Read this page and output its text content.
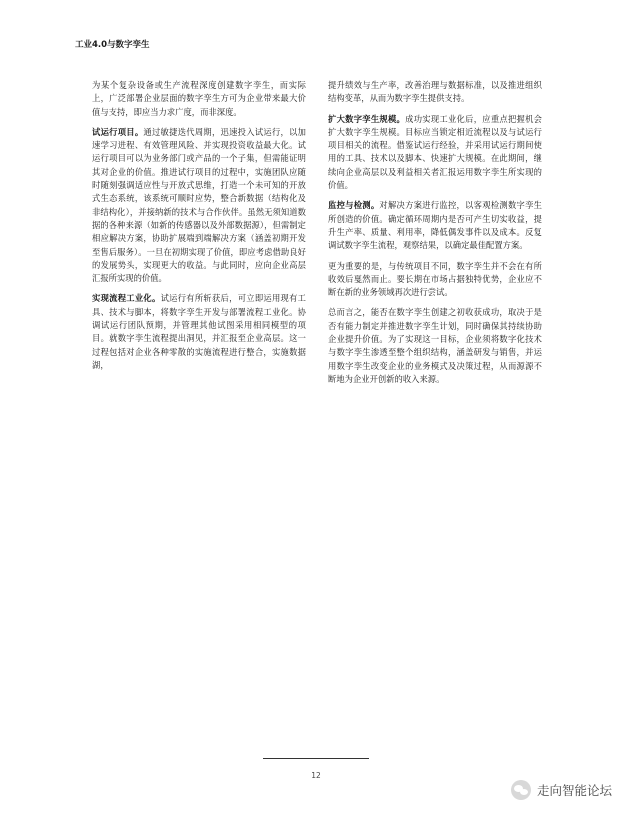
工业4.0与数字孪生

为某个复杂设备或生产流程深度创建数字孪生，而实际上，广泛部署企业层面的数字孪生方可为企业带来最大价值与支持，即应当力求广度，而非深度。

试运行项目。通过敏捷迭代周期，迅速投入试运行，以加速学习进程、有效管理风险、并实现投资收益最大化。试运行项目可以为业务部门或产品的一个子集，但需能证明其对企业的价值。推进试行项目的过程中，实施团队应随时随刻强调适应性与开放式思维，打造一个未可知的开放式生态系统，该系统可顺时应势，整合新数据（结构化及非结构化），并接纳新的技术与合作伙伴。虽然无须知道数据的各种来源（如新的传感器以及外部数据源），但需制定相应解决方案，协助扩展端到端解决方案（涵盖初期开发至售后服务）。一旦在初期实现了价值，即应考虑借助良好的发展势头，实现更大的收益。与此同时，应向企业高层汇报所实现的价值。

实现流程工业化。试运行有所斩获后，可立即运用现有工具、技术与脚本，将数字孪生开发与部署流程工业化。协调试运行团队预期，并管理其他试图采用相同模型的项目。就数字孪生流程提出洞见，并汇报至企业高层。这一过程包括对企业各种零散的实施流程进行整合，实施数据湖，

提升绩效与生产率，改善治理与数据标准，以及推进组织结构变革，从而为数字孪生提供支持。

扩大数字孪生规模。成功实现工业化后，应重点把握机会扩大数字孪生规模。目标应当锁定相近流程以及与试运行项目相关的流程。借鉴试运行经验，并采用试运行期间使用的工具、技术以及脚本、快速扩大规模。在此期间，继续向企业高层以及利益相关者汇报运用数字孪生所实现的价值。

监控与检测。对解决方案进行监控，以客观检测数字孪生所创造的价值。确定循环周期内是否可产生切实收益，提升生产率、质量、利用率，降低偶发事件以及成本。反复调试数字孪生流程，观察结果，以确定最佳配置方案。

更为重要的是，与传统项目不同，数字孪生并不会在有所收效后戛然而止。要长期在市场占据独特优势，企业应不断在新的业务领域再次进行尝试。

总而言之，能否在数字孪生创建之初收获成功，取决于是否有能力制定并推进数字孪生计划，同时确保其持续协助企业提升价值。为了实现这一目标，企业须将数字化技术与数字孪生渗透至整个组织结构，涵盖研发与销售，并运用数字孪生改变企业的业务模式及决策过程，从而源源不断地为企业开创新的收入来源。

12
走向智能论坛
